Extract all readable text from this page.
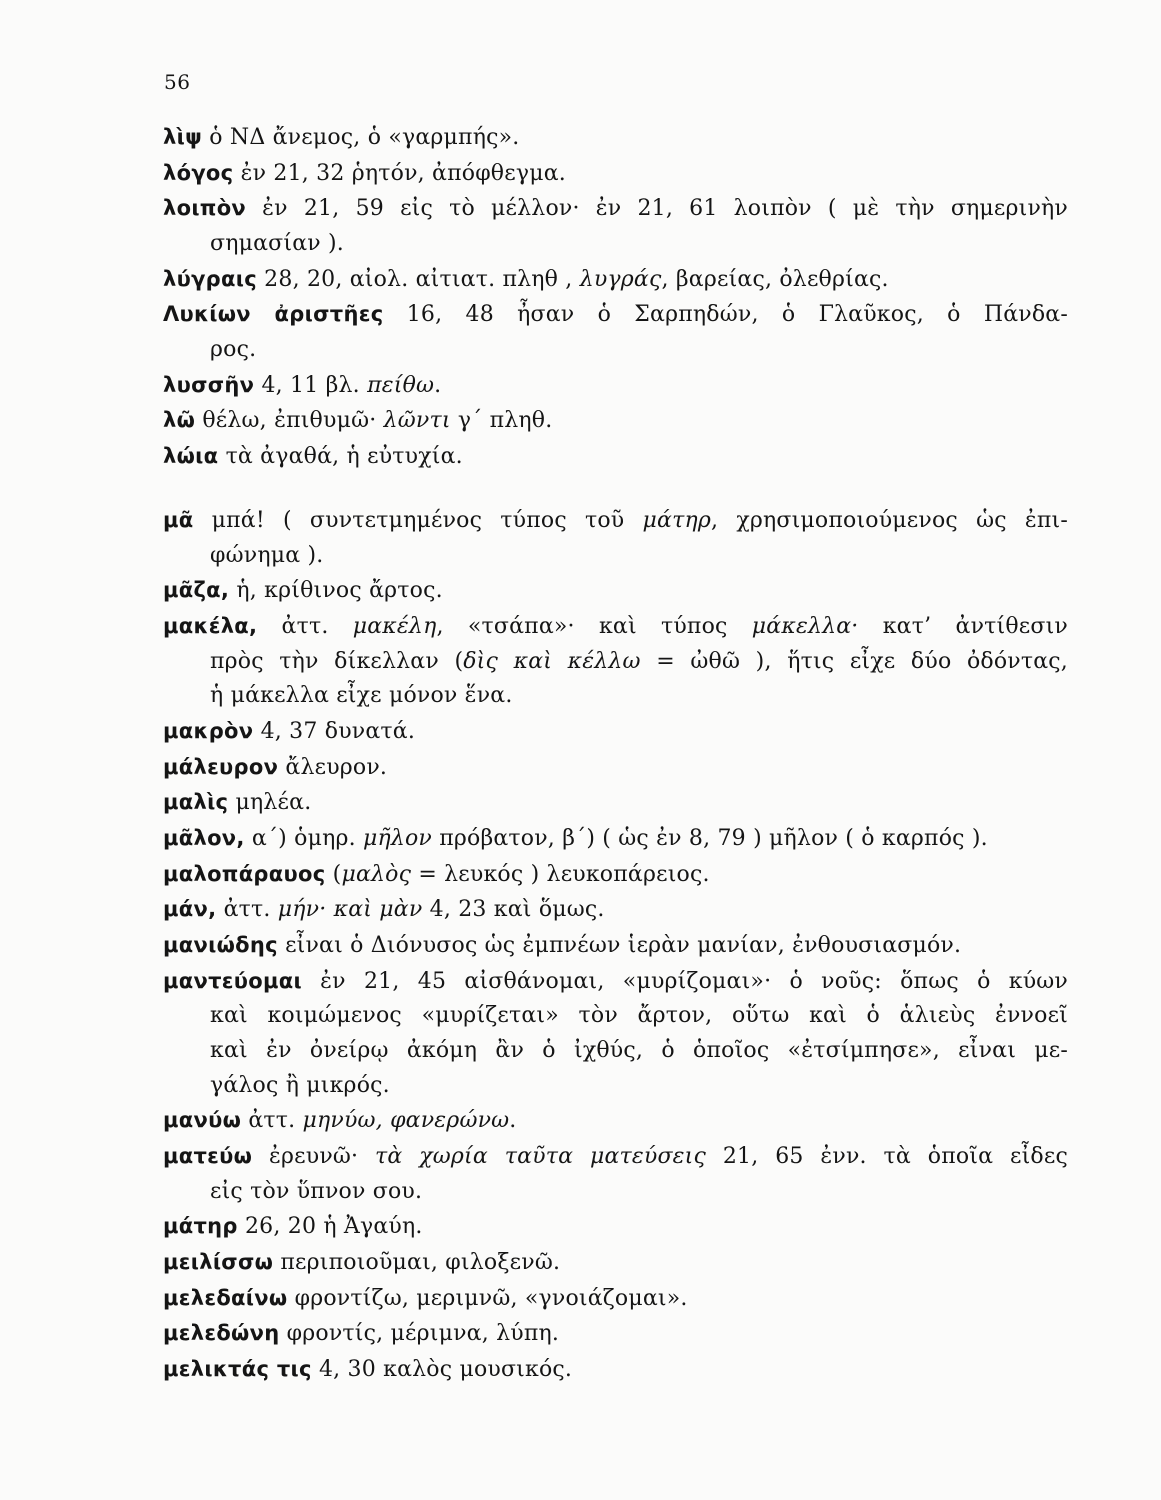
56
λὶψ ὁ ΝΔ ἄνεμος, ὁ «γαρμπής».
λόγος ἐν 21, 32 ῥητόν, ἀπόφθεγμα.
λοιπὸν ἐν 21, 59 εἰς τὸ μέλλον· ἐν 21, 61 λοιπὸν ( μὲ τὴν σημερινὴν
σημασίαν ).
λύγραις 28, 20, αἰολ. αἰτιατ. πληθ , λυγράς, βαρείας, ὀλεθρίας.
Λυκίων ἀριστῆες 16, 48 ἦσαν ὁ Σαρπηδών, ὁ Γλαῦκος, ὁ Πάνδα-
ρος.
λυσσῆν 4, 11 βλ. πείθω.
λῶ θέλω, ἐπιθυμῶ· λῶντι γ΄ πληθ.
λώια τὰ ἀγαθά, ἡ εὐτυχία.
μᾶ μπά! ( συντετμημένος τύπος τοῦ μάτηρ, χρησιμοποιούμενος ὡς ἐπι-
φώνημα ).
μᾶζα, ἡ, κρίθινος ἄρτος.
μακέλα, ἀττ. μακέλη, «τσάπα»· καὶ τύπος μάκελλα· κατ’ ἀντίθεσιν
πρὸς τὴν δίκελλαν (δὶς καὶ κέλλω = ὠθῶ ), ἥτις εἶχε δύο ὀδόντας,
ἡ μάκελλα εἶχε μόνον ἕνα.
μακρὸν 4, 37 δυνατά.
μάλευρον ἄλευρον.
μαλὶς μηλέα.
μᾶλον, α΄) ὁμηρ. μῆλον πρόβατον, β΄) ( ὡς ἐν 8, 79 ) μῆλον ( ὁ καρπός ).
μαλοπάραυος (μαλὸς = λευκός ) λευκοπάρειος.
μάν, ἀττ. μήν· καὶ μὰν 4, 23 καὶ ὅμως.
μανιώδης εἶναι ὁ Διόνυσος ὡς ἐμπνέων ἱερὰν μανίαν, ἐνθουσιασμόν.
μαντεύομαι ἐν 21, 45 αἰσθάνομαι, «μυρίζομαι»· ὁ νοῦς: ὅπως ὁ κύων
καὶ κοιμώμενος «μυρίζεται» τὸν ἄρτον, οὕτω καὶ ὁ ἁλιεὺς ἐννοεῖ
καὶ ἐν ὀνείρῳ ἀκόμη ἂν ὁ ἰχθύς, ὁ ὁποῖος «ἐτσίμπησε», εἶναι με-
γάλος ἢ μικρός.
μανύω ἀττ. μηνύω, φανερώνω.
ματεύω ἐρευνῶ· τὰ χωρία ταῦτα ματεύσεις 21, 65 ἐνν. τὰ ὁποῖα εἶδες
εἰς τὸν ὕπνον σου.
μάτηρ 26, 20 ἡ Ἀγαύη.
μειλίσσω περιποιοῦμαι, φιλοξενῶ.
μελεδαίνω φροντίζω, μεριμνῶ, «γνοιάζομαι».
μελεδώνη φροντίς, μέριμνα, λύπη.
μελικτάς τις 4, 30 καλὸς μουσικός.
